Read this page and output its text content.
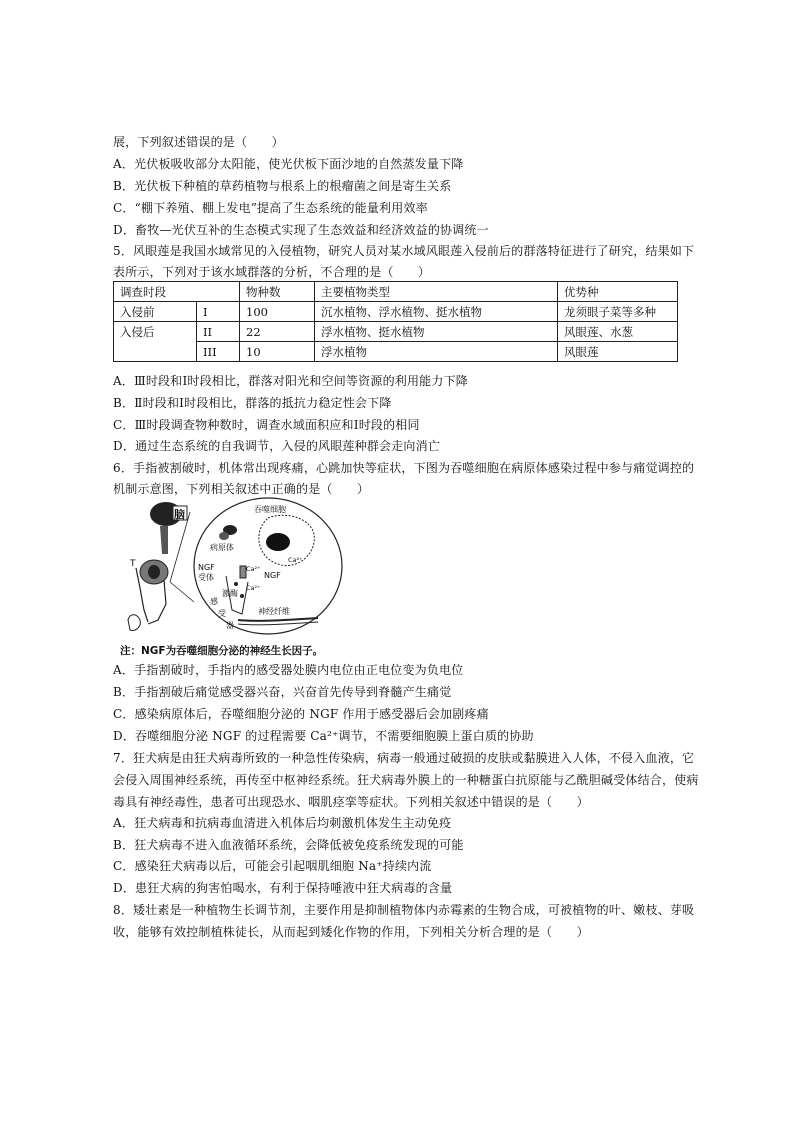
展，下列叙述错误的是（　　）
A．光伏板吸收部分太阳能，使光伏板下面沙地的自然蒸发量下降
B．光伏板下种植的草药植物与根系上的根瘤菌之间是寄生关系
C．“棚下养殖、棚上发电”提高了生态系统的能量利用效率
D．畜牧—光伏互补的生态模式实现了生态效益和经济效益的协调统一
5．风眼莲是我国水域常见的入侵植物，研究人员对某水域风眼莲入侵前后的群落特征进行了研究，结果如下
表所示，下列对于该水域群落的分析，不合理的是（　　）
调查时段		物种数	主要植物类型	优势种
入侵前	I	100	沉水植物、浮水植物、挺水植物	龙须眼子菜等多种
入侵后	II	22	浮水植物、挺水植物	风眼莲、水葱
	III	10	浮水植物	风眼莲
A．Ⅲ时段和Ⅰ时段相比，群落对阳光和空间等资源的利用能力下降
B．Ⅱ时段和Ⅰ时段相比，群落的抵抗力稳定性会下降
C．Ⅲ时段调查物种数时，调查水域面积应和Ⅰ时段的相同
D．通过生态系统的自我调节，入侵的风眼莲种群会走向消亡
6．手指被割破时，机体常出现疼痛，心跳加快等症状，下图为吞噬细胞在病原体感染过程中参与痛觉调控的
机制示意图，下列相关叙述中正确的是（　　）
脑
T
吞噬细胞
病原体
Ca²⁺
Ca²⁺
Ca²⁺
NGF
受体	NGF
激酶
感
受
器
神经纤维
注：NGF为吞噬细胞分泌的神经生长因子。
A．手指割破时，手指内的感受器处膜内电位由正电位变为负电位
B．手指割破后痛觉感受器兴奋，兴奋首先传导到脊髓产生痛觉
C．感染病原体后，吞噬细胞分泌的 NGF 作用于感受器后会加剧疼痛
D．吞噬细胞分泌 NGF 的过程需要 Ca²⁺调节，不需要细胞膜上蛋白质的协助
7．狂犬病是由狂犬病毒所致的一种急性传染病，病毒一般通过破损的皮肤或黏膜进入人体，不侵入血液，它
会侵入周围神经系统，再传至中枢神经系统。狂犬病毒外膜上的一种糖蛋白抗原能与乙酰胆碱受体结合，使病
毒具有神经毒性，患者可出现恐水、咽肌痉挛等症状。下列相关叙述中错误的是（　　）
A．狂犬病毒和抗病毒血清进入机体后均刺激机体发生主动免疫
B．狂犬病毒不进入血液循环系统，会降低被免疫系统发现的可能
C．感染狂犬病毒以后，可能会引起咽肌细胞 Na⁺持续内流
D．患狂犬病的狗害怕喝水，有利于保持唾液中狂犬病毒的含量
8．矮壮素是一种植物生长调节剂，主要作用是抑制植物体内赤霉素的生物合成，可被植物的叶、嫩枝、芽吸
收，能够有效控制植株徒长，从而起到矮化作物的作用，下列相关分析合理的是（　　）
